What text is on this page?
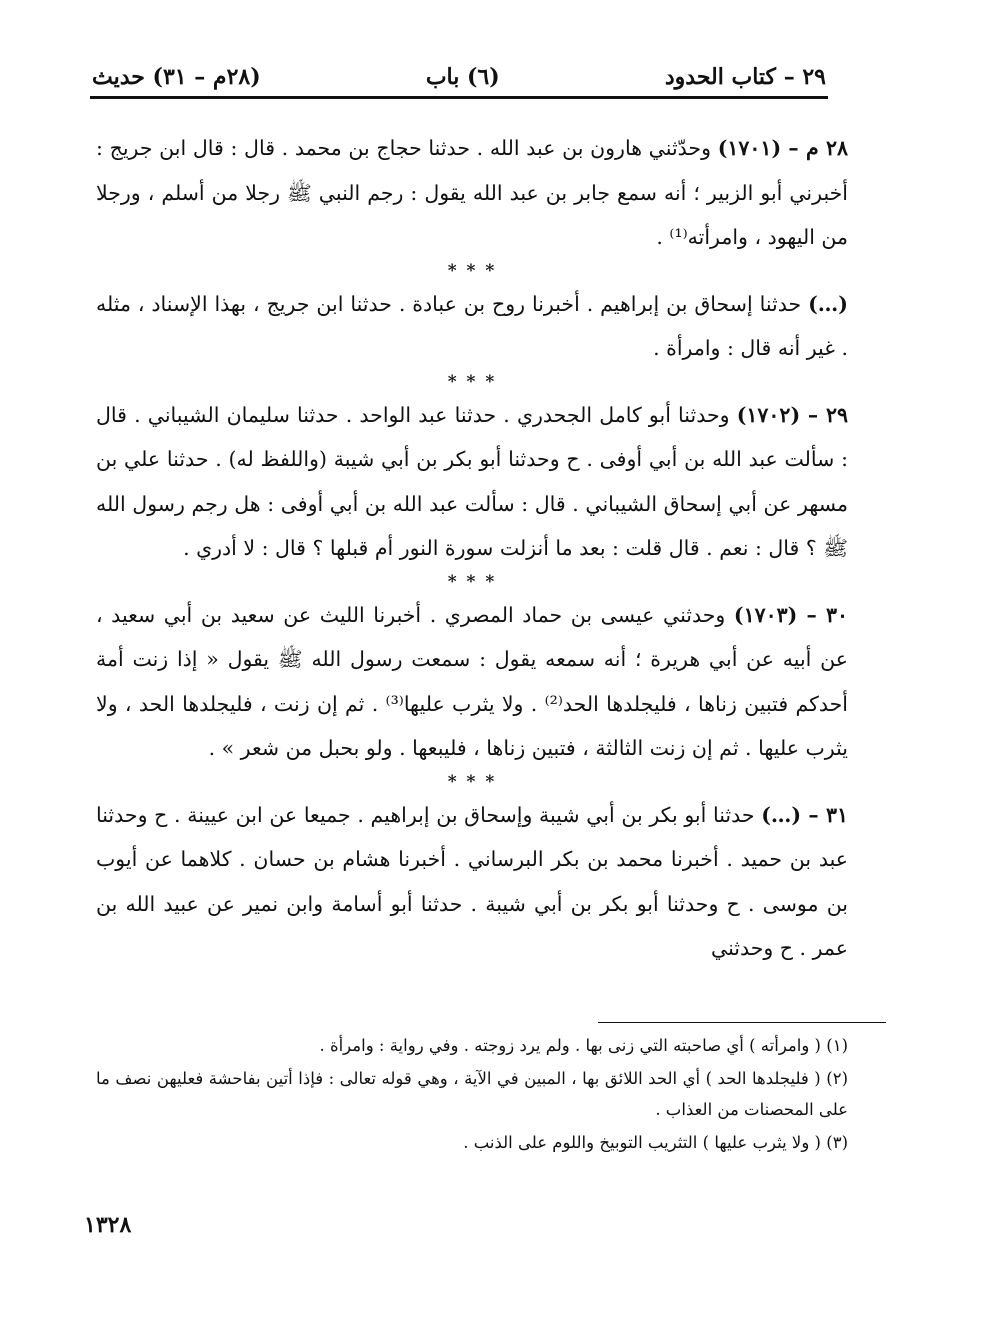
٢٩ – كتاب الحدود
(٦) باب
(٢٨م – ٣١) حديث

٢٨ م – (١٧٠١) وحدّثني هارون بن عبد الله . حدثنا حجاج بن محمد . قال : قال ابن جريج : أخبرني أبو الزبير ؛ أنه سمع جابر بن عبد الله يقول : رجم النبي ﷺ رجلا من أسلم ، ورجلا من اليهود ، وامرأته⁽¹⁾ .

* * *

(…) حدثنا إسحاق بن إبراهيم . أخبرنا روح بن عبادة . حدثنا ابن جريج ، بهذا الإسناد ، مثله . غير أنه قال : وامرأة .

* * *

٢٩ – (١٧٠٢) وحدثنا أبو كامل الجحدري . حدثنا عبد الواحد . حدثنا سليمان الشيباني . قال : سألت عبد الله بن أبي أوفى . ح وحدثنا أبو بكر بن أبي شيبة (واللفظ له) . حدثنا علي بن مسهر عن أبي إسحاق الشيباني . قال : سألت عبد الله بن أبي أوفى : هل رجم رسول الله ﷺ ؟ قال : نعم . قال قلت : بعد ما أنزلت سورة النور أم قبلها ؟ قال : لا أدري .

* * *

٣٠ – (١٧٠٣) وحدثني عيسى بن حماد المصري . أخبرنا الليث عن سعيد بن أبي سعيد ، عن أبيه عن أبي هريرة ؛ أنه سمعه يقول : سمعت رسول الله ﷺ يقول « إذا زنت أمة أحدكم فتبين زناها ، فليجلدها الحد⁽²⁾ . ولا يثرب عليها⁽³⁾ . ثم إن زنت ، فليجلدها الحد ، ولا يثرب عليها . ثم إن زنت الثالثة ، فتبين زناها ، فليبعها . ولو بحبل من شعر » .

* * *

٣١ – (…) حدثنا أبو بكر بن أبي شيبة وإسحاق بن إبراهيم . جميعا عن ابن عيينة . ح وحدثنا عبد بن حميد . أخبرنا محمد بن بكر البرساني . أخبرنا هشام بن حسان . كلاهما عن أيوب بن موسى . ح وحدثنا أبو بكر بن أبي شيبة . حدثنا أبو أسامة وابن نمير عن عبيد الله بن عمر . ح وحدثني

(١) ( وامرأته ) أي صاحبته التي زنى بها . ولم يرد زوجته . وفي رواية : وامرأة .

(٢) ( فليجلدها الحد ) أي الحد اللائق بها ، المبين في الآية ، وهي قوله تعالى : فإذا أتين بفاحشة فعليهن نصف ما على المحصنات من العذاب .

(٣) ( ولا يثرب عليها ) التثريب التوبيخ واللوم على الذنب .

١٣٢٨
